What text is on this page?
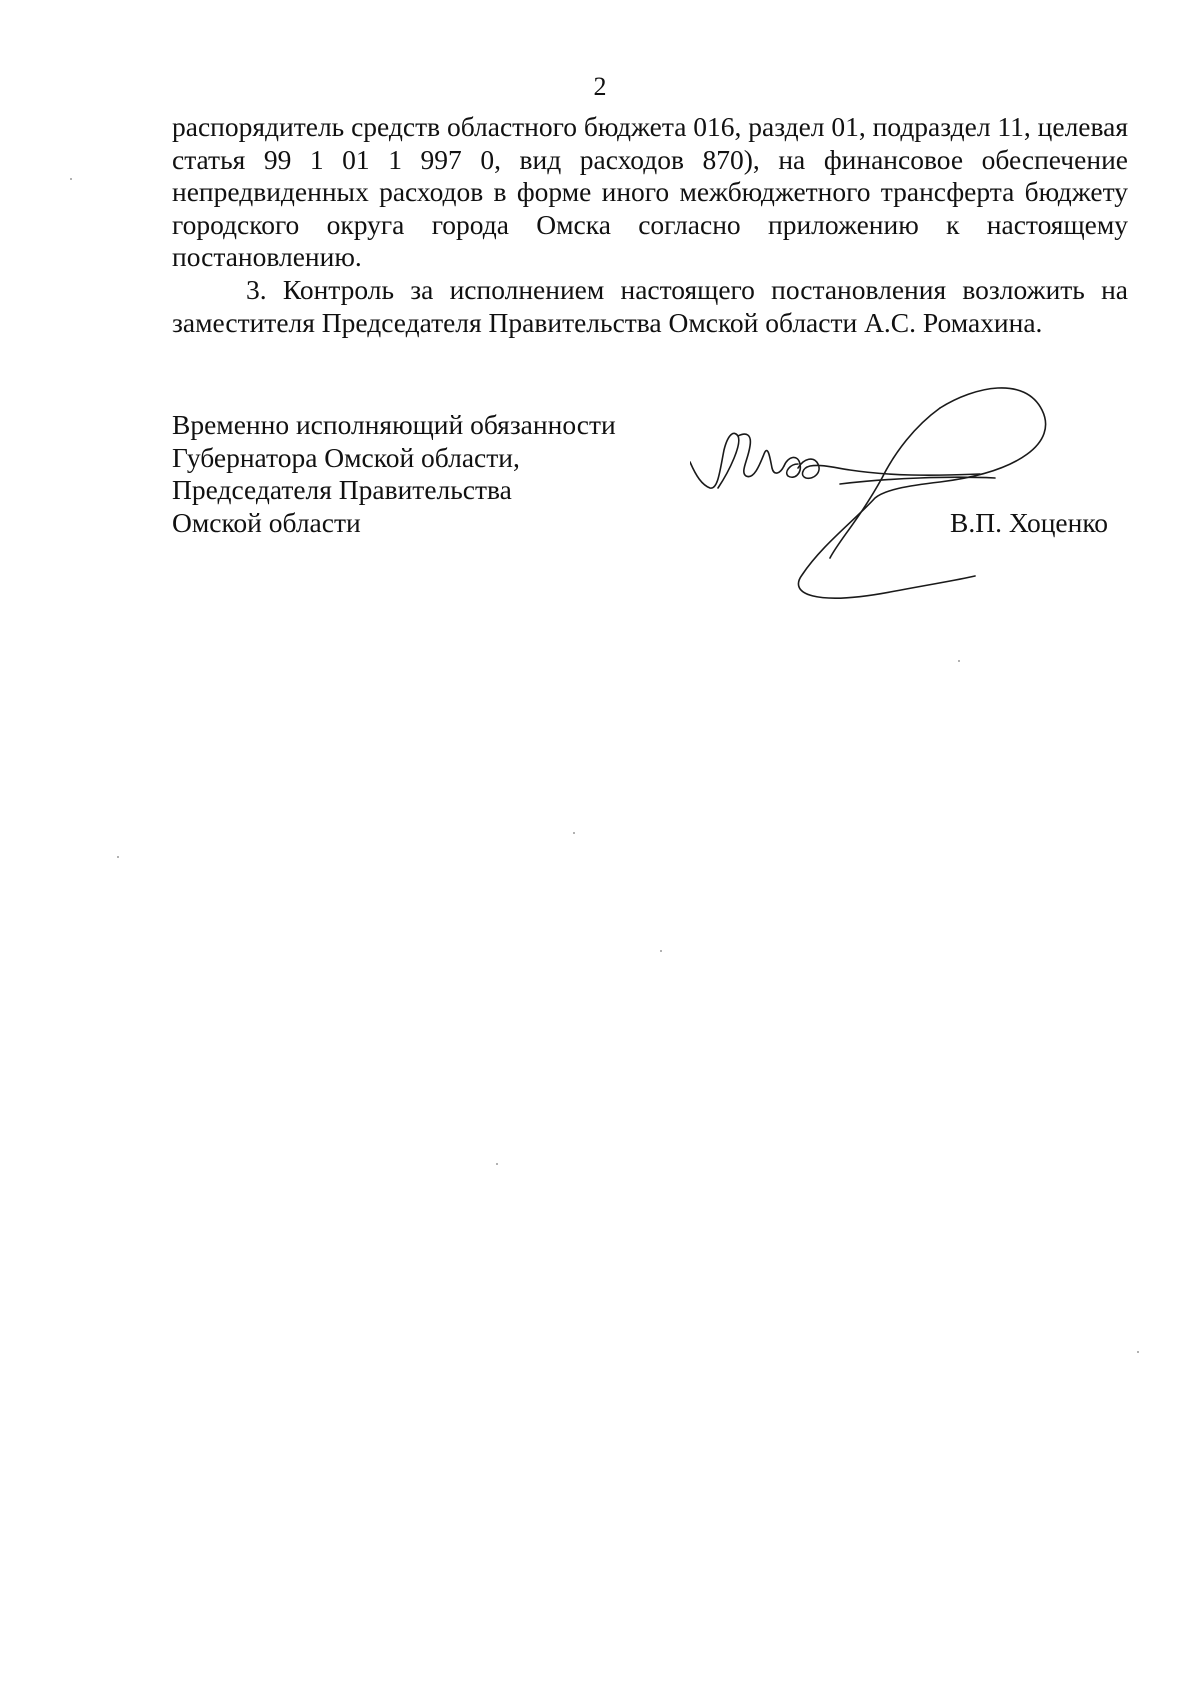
2

распорядитель средств областного бюджета 016, раздел 01, подраздел 11, целевая статья 99 1 01 1 997 0, вид расходов 870), на финансовое обеспечение непредвиденных расходов в форме иного межбюджетного трансферта бюджету городского округа города Омска согласно приложению к настоящему постановлению.

3. Контроль за исполнением настоящего постановления возложить на заместителя Председателя Правительства Омской области А.С. Ромахина.

Временно исполняющий обязанности
Губернатора Омской области,
Председателя Правительства
Омской области	В.П. Хоценко
